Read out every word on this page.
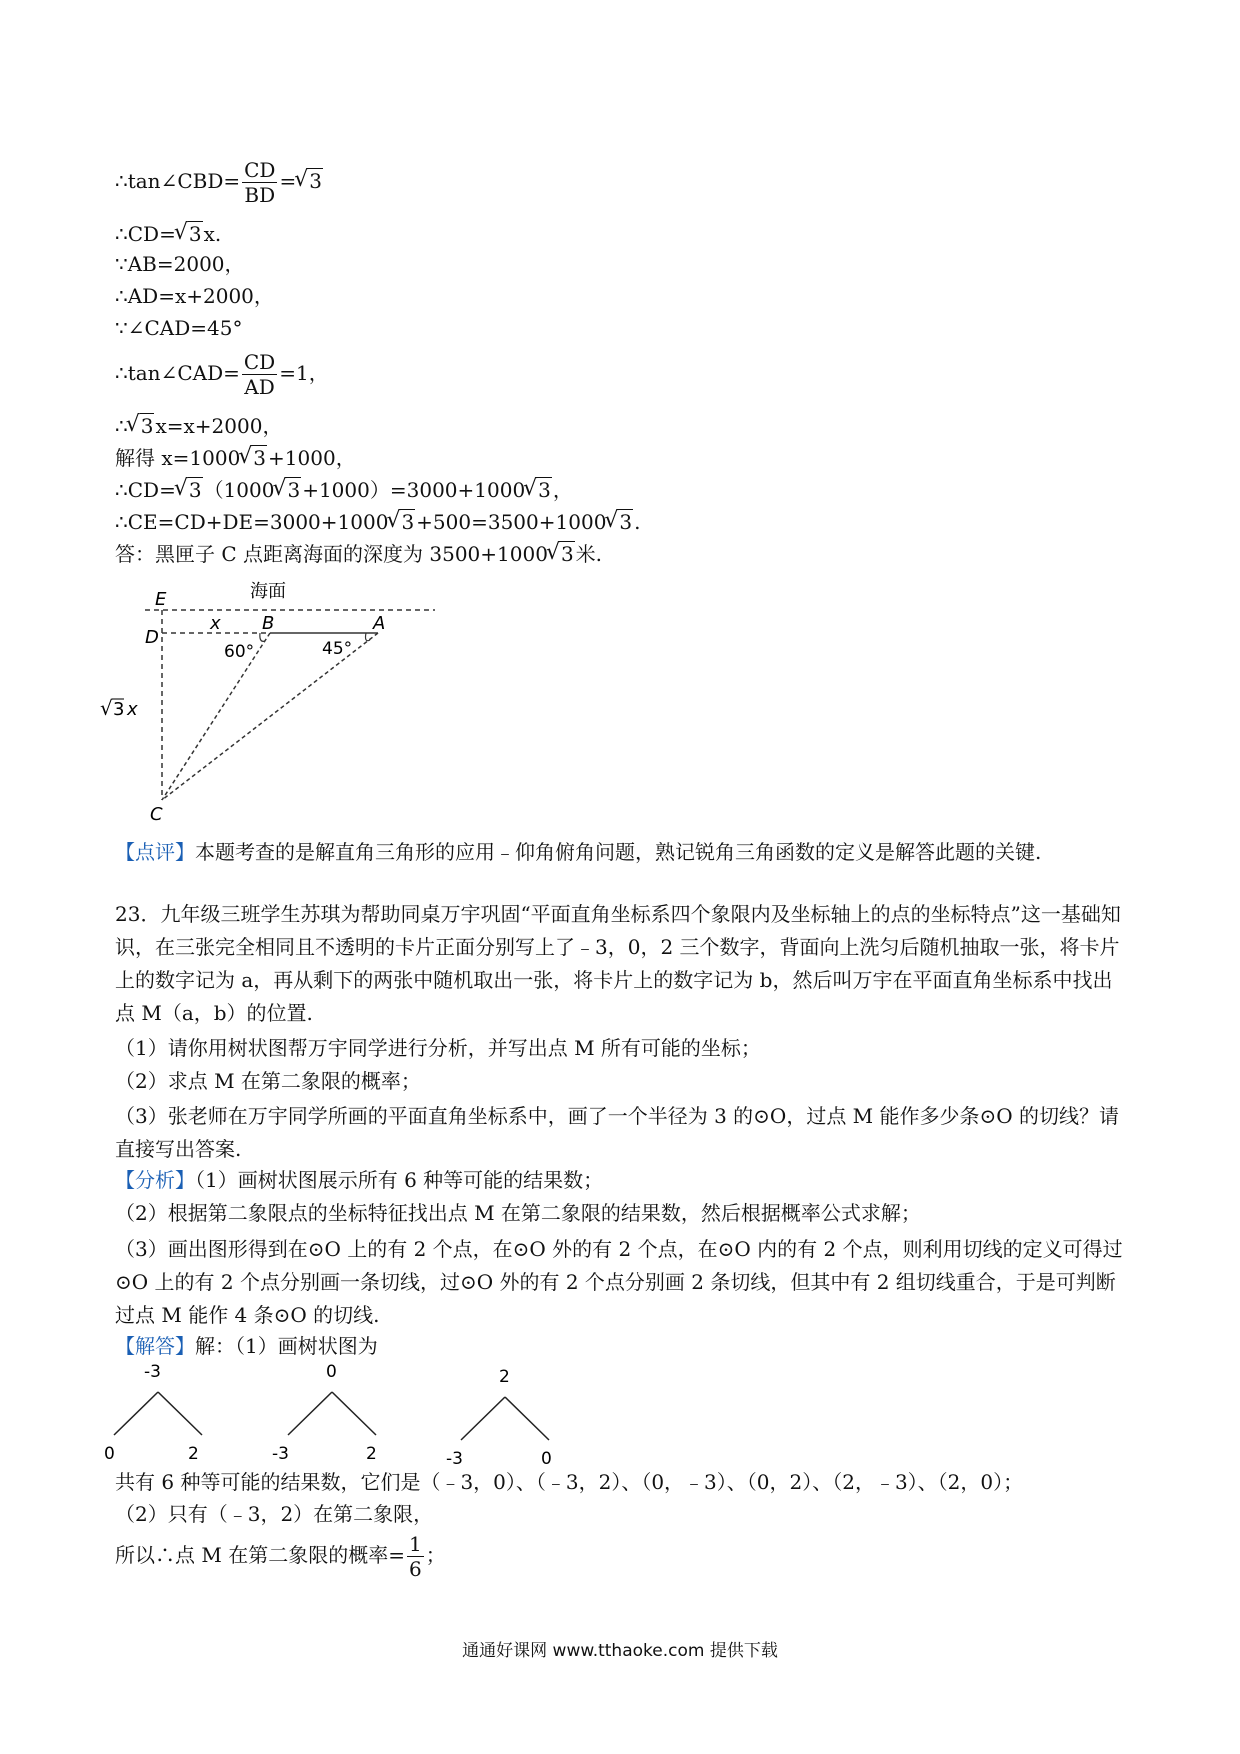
∴tan∠CBD= $\frac{CD}{BD}$ = √ 3
∴CD= √ 3 x.
∵AB=2000，
∴AD=x+2000，
∵∠CAD=45°
∴tan∠CAD= $\frac{CD}{AD} =1$，
∴ √ 3 x=x+2000，
解得 x=1000 √ 3 +1000，
∴CD= √ 3 （1000 √ 3 +1000）=3000+1000 √ 3 ，
∴CE=CD+DE=3000+1000 √ 3 +500=3500+1000 √ 3 .
答：黑匣子 C 点距离海面的深度为 3500+1000 √ 3 米.
海面
E
D
B	A
C
x
60°	45°
√ 3 x
【点评】本题考查的是解直角三角形的应用﹣仰角俯角问题，熟记锐角三角函数的定义是解答此题的关键.
23．九年级三班学生苏琪为帮助同桌万宇巩固“平面直角坐标系四个象限内及坐标轴上的点的坐标特点”这一基础知识，在三张完全相同且不透明的卡片正面分别写上了﹣3，0，2 三个数字，背面向上洗匀后随机抽取一张，将卡片上的数字记为 a，再从剩下的两张中随机取出一张，将卡片上的数字记为 b，然后叫万宇在平面直角坐标系中找出点 M（a，b）的位置.
（1）请你用树状图帮万宇同学进行分析，并写出点 M 所有可能的坐标；
（2）求点 M 在第二象限的概率；
（3）张老师在万宇同学所画的平面直角坐标系中，画了一个半径为 3 的⊙O，过点 M 能作多少条⊙O 的切线？请直接写出答案.
【分析】（1）画树状图展示所有 6 种等可能的结果数；
（2）根据第二象限点的坐标特征找出点 M 在第二象限的结果数，然后根据概率公式求解；
（3）画出图形得到在⊙O 上的有 2 个点，在⊙O 外的有 2 个点，在⊙O 内的有 2 个点，则利用切线的定义可得过⊙O 上的有 2 个点分别画一条切线，过⊙O 外的有 2 个点分别画 2 条切线，但其中有 2 组切线重合，于是可判断过点 M 能作 4 条⊙O 的切线.
【解答】解：（1）画树状图为
-3
0	2
0
-3	2
2
-3	0
共有 6 种等可能的结果数，它们是（﹣3，0）、（﹣3，2）、（0，﹣3）、（0，2）、（2，﹣3）、（2，0）；
（2）只有（﹣3，2）在第二象限，
所以∴点 M 在第二象限的概率= $\frac{1}{6}$ ；
通通好课网 www.tthaoke.com 提供下载
